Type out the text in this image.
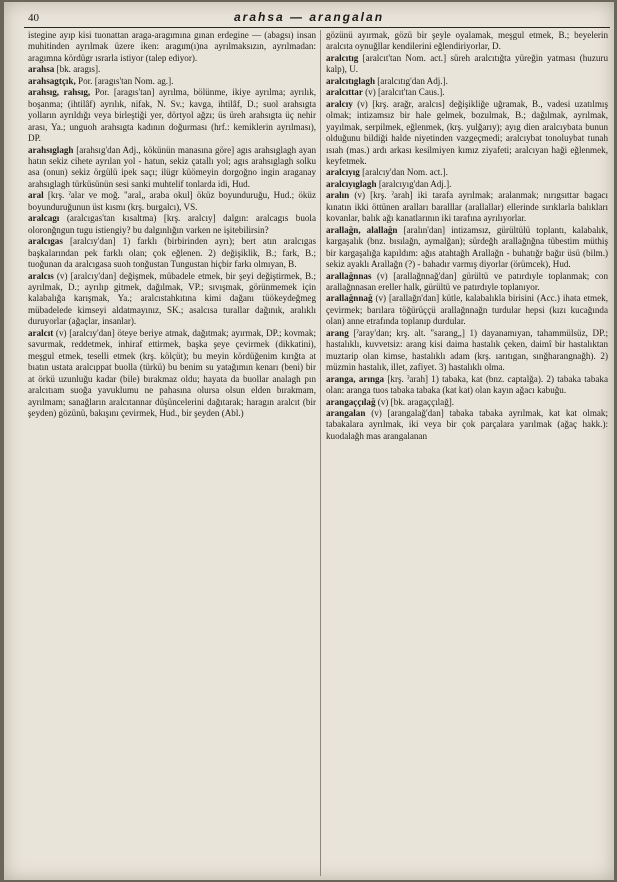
40	arahsa — arangalan

istegine ayıp kisi tuonattan araga-aragımına gınan erdegine — (abagsı) insan muhitinden ayrılmak üzere iken: aragım(ı)na ayrılmaksızın, ayrılmadan: aragımna kördügr ısrarla istiyor (talep ediyor).

arahsa [bk. aragıs].

arahsagtçık, Por. [aragıs'tan Nom. ag.].

arahsıg, rahsıg, Por. [aragıs'tan] ayrılma, bölünme, ikiye ayrılma; ayrılık, boşanma; (ihtilâf) ayrılık, nifak, N. Sv.; kavga, ihtilâf, D.; suol arahsıgta yolların ayrıldığı veya birleştiği yer, dörtyol ağzı; üs üreh arahsıgta üç nehir arası, Ya.; unguoh arahsıgta kadının doğurması (hrf.: kemiklerin ayrılması), DP.

arahsıglagh [arahsıg'dan Adj., kökünün manasına göre] agıs arahsıglagh ayan hatın sekiz cihete ayrılan yol - hatun, sekiz çatallı yol; agıs arahsıglagh solku asa (onun) sekiz örgülü ipek saçı; ilügr küömeyin dorgoğno ingin araganay arahsıglagh türküsünün sesi sanki muhtelif tonlarda idi, Hud.

aral [krş. ˀalar ve moğ. "aral„ araba okul] öküz boyunduruğu, Hud.; öküz boyunduruğunun üst kısmı (krş. burgalcı), VS.

aralcagı (aralcıgas'tan kısaltma) [krş. aralcıy] dalgın: aralcagıs buola oloronğngun tugu istiengiy? bu dalgınlığın varken ne işitebilirsin?

aralcıgas [aralcıy'dan] 1) farklı (birbirinden ayrı); bert atın aralcıgas başkalarından pek farklı olan; çok eğlenen. 2) değişiklik, B.; fark, B.; tuoğunan da aralcıgasa suoh tonğustan Tungustan hiçbir farkı olmıyan, B.

aralcıs (v) [aralcıy'dan] değişmek, mübadele etmek, bir şeyi değiştirmek, B.; ayrılmak, D.; ayrılıp gitmek, dağılmak, VP.; sıvışmak, görünmemek için kalabalığa karışmak, Ya.; aralcıstahkıtına kimi dağanı tüökeydeğmeg mübadelede kimseyi aldatmayınız, SK.; asalcısa turallar dağınık, aralıklı duruyorlar (ağaçlar, insanlar).

aralcıt (v) [aralcıy'dan] öteye beriye atmak, dağıtmak; ayırmak, DP.; kovmak; savurmak, reddetmek, inhiraf ettirmek, başka şeye çevirmek (dikkatini), meşgul etmek, teselli etmek (krş. kölçüt); bu meyin kördüğenim kırığta at bıatın ustata aralcıppat buolla (türkü) bu benim su yatağımın kenarı (beni) bir at örkü uzunluğu kadar (bile) bırakmaz oldu; hayata da buollar analagh pın aralcıtıam suoğa yavuklumu ne pahasına olursa olsun elden bırakmam, ayrılmam; sanağların aralcıtannar düşüncelerini dağıtarak; haragın aralcıt (bir şeyden) gözünü, bakışını çevirmek, Hud., bir şeyden (Abl.)

gözünü ayırmak, gözü bir şeyle oyalamak, meşgul etmek, B.; beyelerin aralcıta oynuğllar kendilerini eğlendiriyorlar, D.

aralcıtıg [aralcıt'tan Nom. act.] süreh aralcıtığta yüreğin yatması (huzuru kalp), U.

aralcıtıglagh [aralcıtıg'dan Adj.].

aralcıttar (v) [aralcıt'tan Caus.].

aralcıy (v) [krş. arağr, aralcıs] değişikliğe uğramak, B., vadesi uzatılmış olmak; intizamsız bir hale gelmek, bozulmak, B.; dağılmak, ayrılmak, yayılmak, serpilmek, eğlenmek, (krş. yulğarıy); ayıg dien aralcıybata bunun olduğunu bildiği halde niyetinden vazgeçmedi; aralcıybat tonoluybat tunah ısıah (mas.) ardı arkası kesilmiyen kımız ziyafeti; aralcıyan haği eğlenmek, keyfetmek.

aralcıyıg [aralcıy'dan Nom. act.].

aralcıyıglagh [aralcıyıg'dan Adj.].

aralın (v) [krş. ˀarah] iki tarafa ayrılmak; aralanmak; nırıgsıttar bagacı kınatın ikki öttünen aralları baralllar (arallallar) ellerinde sırıklarla balıkları kovanlar, balık ağı kanatlarının iki tarafına ayrılıyorlar.

arallağn, alallağn [aralın'dan] intizamsız, gürültülü toplantı, kalabalık, kargaşalık (bnz. bısılağn, aymalğan); sürdeğh arallağnğna tübestim müthiş bir kargaşalığa kapıldım: ağıs atahtağh Arallağn - buhatığr bağır üsü (bilm.) sekiz ayaklı Arallağn (?) - bahadır varmış diyorlar (örümcek), Hud.

arallağnnas (v) [arallağnnağ'dan] gürültü ve patırdıyle toplanmak; con arallağnnasan ereller halk, gürültü ve patırdıyle toplanıyor.

arallağnnağ (v) [arallağn'dan] kütle, kalabalıkla birisini (Acc.) ihata etmek, çevirmek; barılara töğürüççü arallağnnağn turdular hepsi (kızı kucağında olan) anne etrafında toplanıp durdular.

arang [ˀaray'dan; krş. alt. "sarang„] 1) dayanamıyan, tahammülsüz, DP.; hastalıklı, kuvvetsiz: arang kisi daima hastalık çeken, daimî bir hastalıktan muztarip olan kimse, hastalıklı adam (krş. ıarıtıgan, sınğharangnağh). 2) müzmin hastalık, illet, zafiyet. 3) hastalıklı olma.

aranga, arınga [krş. ˀarah] 1) tabaka, kat (bnz. captalğa). 2) tabaka tabaka olan: aranga tuos tabaka tabaka (kat kat) olan kayın ağacı kabuğu.

arangaççılağ (v) [bk. aragaççılağ].

arangalan (v) [arangalağ'dan] tabaka tabaka ayrılmak, kat kat olmak; tabakalara ayrılmak, iki veya bir çok parçalara yarılmak (ağaç hakk.): kuodalağh mas arangalanan
